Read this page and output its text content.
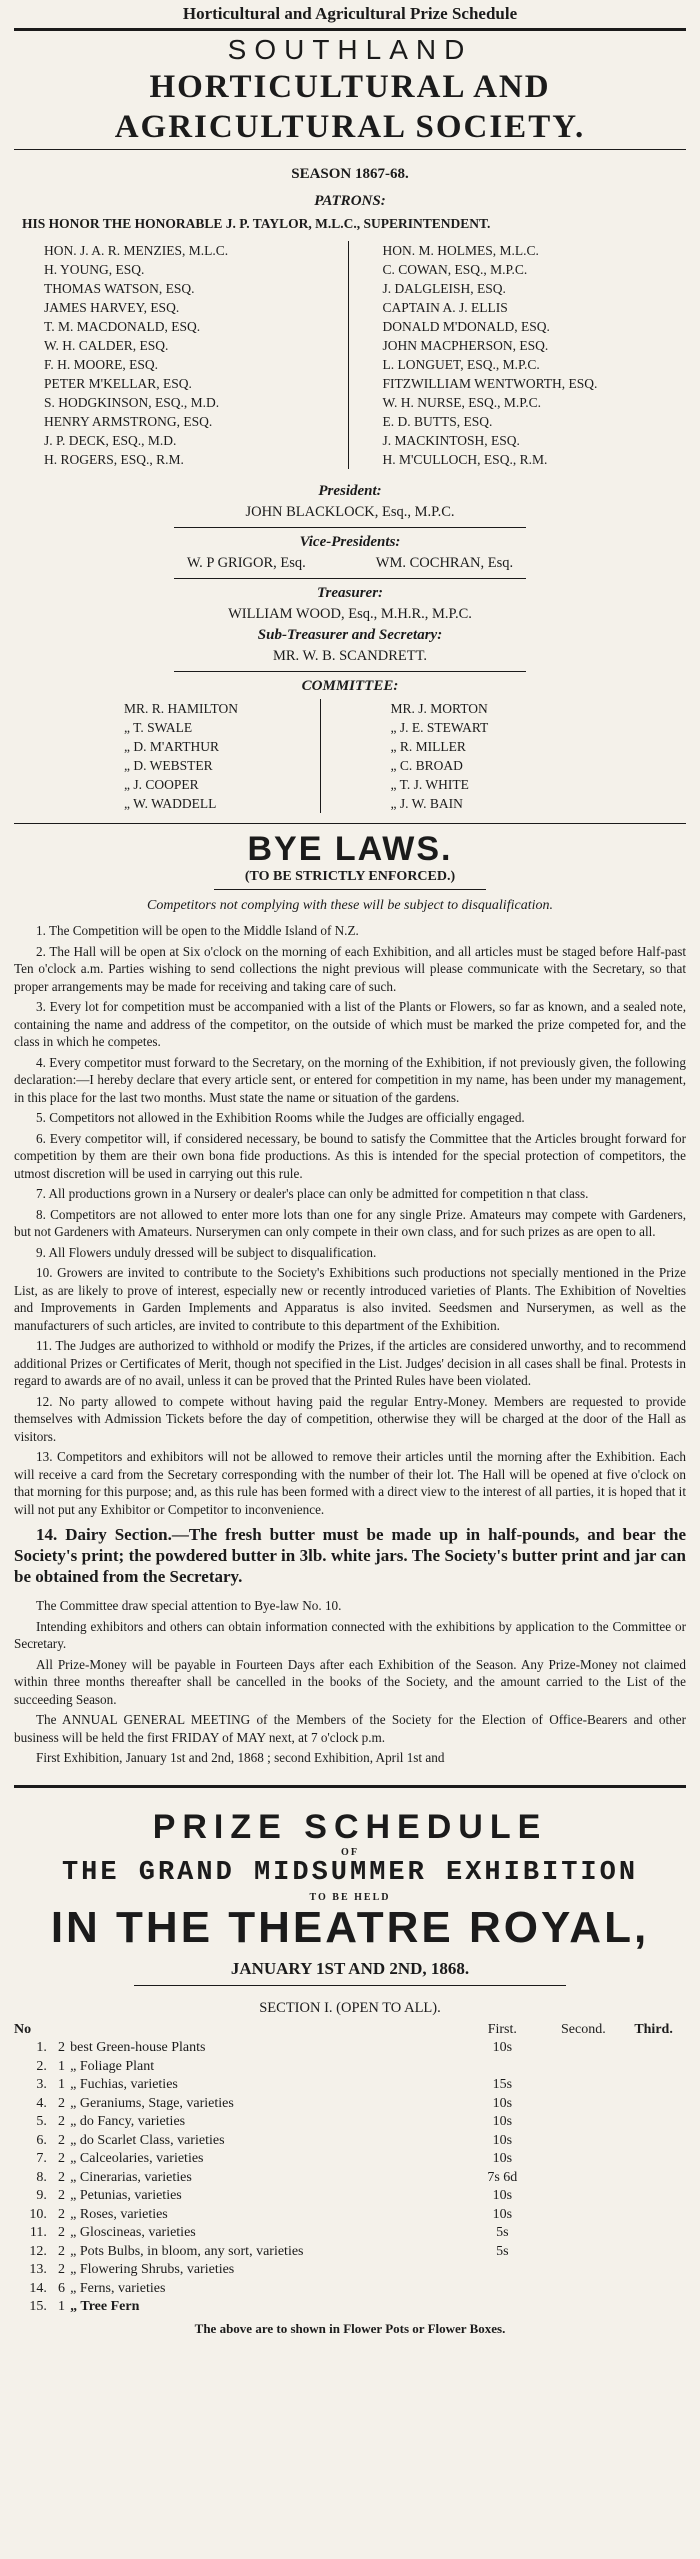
Horticultural and Agricultural Prize Schedule
SOUTHLAND
HORTICULTURAL AND AGRICULTURAL SOCIETY.
SEASON 1867-68.
PATRONS:
HIS HONOR THE HONORABLE J. P. TAYLOR, M.L.C., SUPERINTENDENT.
HON. J. A. R. MENZIES, M.L.C.
H. YOUNG, ESQ.
THOMAS WATSON, ESQ.
JAMES HARVEY, ESQ.
T. M. MACDONALD, ESQ.
W. H. CALDER, ESQ.
F. H. MOORE, ESQ.
PETER M'KELLAR, ESQ.
S. HODGKINSON, ESQ., M.D.
HENRY ARMSTRONG, ESQ.
J. P. DECK, ESQ., M.D.
H. ROGERS, ESQ., R.M.
HON. M. HOLMES, M.L.C.
C. COWAN, ESQ., M.P.C.
J. DALGLEISH, ESQ.
CAPTAIN A. J. ELLIS
DONALD M'DONALD, ESQ.
JOHN MACPHERSON, ESQ.
L. LONGUET, ESQ., M.P.C.
FITZWILLIAM WENTWORTH, ESQ.
W. H. NURSE, ESQ., M.P.C.
E. D. BUTTS, ESQ.
J. MACKINTOSH, ESQ.
H. M'CULLOCH, ESQ., R.M.
President:
JOHN BLACKLOCK, Esq., M.P.C.
Vice-Presidents:
W. P GRIGOR, Esq.	WM. COCHRAN, Esq.
Treasurer:
WILLIAM WOOD, Esq., M.H.R., M.P.C.
Sub-Treasurer and Secretary:
MR. W. B. SCANDRETT.
COMMITTEE:
MR. R. HAMILTON
„ T. SWALE
„ D. M'ARTHUR
„ D. WEBSTER
„ J. COOPER
„ W. WADDELL
MR. J. MORTON
„ J. E. STEWART
„ R. MILLER
„ C. BROAD
„ T. J. WHITE
„ J. W. BAIN
BYE LAWS.
(TO BE STRICTLY ENFORCED.)
Competitors not complying with these will be subject to disqualification.

1. The Competition will be open to the Middle Island of N.Z.

2. The Hall will be open at Six o'clock on the morning of each Exhibition, and all articles must be staged before Half-past Ten o'clock a.m. Parties wishing to send collections the night previous will please communicate with the Secretary, so that proper arrangements may be made for receiving and taking care of such.

3. Every lot for competition must be accompanied with a list of the Plants or Flowers, so far as known, and a sealed note, containing the name and address of the competitor, on the outside of which must be marked the prize competed for, and the class in which he competes.

4. Every competitor must forward to the Secretary, on the morning of the Exhibition, if not previously given, the following declaration:—I hereby declare that every article sent, or entered for competition in my name, has been under my management, in this place for the last two months. Must state the name or situation of the gardens.

5. Competitors not allowed in the Exhibition Rooms while the Judges are officially engaged.

6. Every competitor will, if considered necessary, be bound to satisfy the Committee that the Articles brought forward for competition by them are their own bona fide productions. As this is intended for the special protection of competitors, the utmost discretion will be used in carrying out this rule.

7. All productions grown in a Nursery or dealer's place can only be admitted for competition n that class.

8. Competitors are not allowed to enter more lots than one for any single Prize. Amateurs may compete with Gardeners, but not Gardeners with Amateurs. Nurserymen can only compete in their own class, and for such prizes as are open to all.

9. All Flowers unduly dressed will be subject to disqualification.

10. Growers are invited to contribute to the Society's Exhibitions such productions not specially mentioned in the Prize List, as are likely to prove of interest, especially new or recently introduced varieties of Plants. The Exhibition of Novelties and Improvements in Garden Implements and Apparatus is also invited. Seedsmen and Nurserymen, as well as the manufacturers of such articles, are invited to contribute to this department of the Exhibition.

11. The Judges are authorized to withhold or modify the Prizes, if the articles are considered unworthy, and to recommend additional Prizes or Certificates of Merit, though not specified in the List. Judges' decision in all cases shall be final. Protests in regard to awards are of no avail, unless it can be proved that the Printed Rules have been violated.

12. No party allowed to compete without having paid the regular Entry-Money. Members are requested to provide themselves with Admission Tickets before the day of competition, otherwise they will be charged at the door of the Hall as visitors.

13. Competitors and exhibitors will not be allowed to remove their articles until the morning after the Exhibition. Each will receive a card from the Secretary corresponding with the number of their lot. The Hall will be opened at five o'clock on that morning for this purpose; and, as this rule has been formed with a direct view to the interest of all parties, it is hoped that it will not put any Exhibitor or Competitor to inconvenience.

14. Dairy Section.—The fresh butter must be made up in half-pounds, and bear the Society's print; the powdered butter in 3lb. white jars. The Society's butter print and jar can be obtained from the Secretary.

The Committee draw special attention to Bye-law No. 10.

Intending exhibitors and others can obtain information connected with the exhibitions by application to the Committee or Secretary.

All Prize-Money will be payable in Fourteen Days after each Exhibition of the Season. Any Prize-Money not claimed within three months thereafter shall be cancelled in the books of the Society, and the amount carried to the List of the succeeding Season.

The ANNUAL GENERAL MEETING of the Members of the Society for the Election of Office-Bearers and other business will be held the first FRIDAY of MAY next, at 7 o'clock p.m.

First Exhibition, January 1st and 2nd, 1868 ; second Exhibition, April 1st and

PRIZE SCHEDULE
OF
THE GRAND MIDSUMMER EXHIBITION
TO BE HELD
IN THE THEATRE ROYAL,
JANUARY 1ST AND 2ND, 1868.
SECTION I. (OPEN TO ALL).
No			First.	Second.	Third.
1.	2	best Green-house Plants	10s		
2.	1	„ Foliage Plant			
3.	1	„ Fuchias, varieties	15s		
4.	2	„ Geraniums, Stage, varieties	10s		
5.	2	„ do Fancy, varieties	10s		
6.	2	„ do Scarlet Class, varieties	10s		
7.	2	„ Calceolaries, varieties	10s		
8.	2	„ Cinerarias, varieties	7s 6d		
9.	2	„ Petunias, varieties	10s		
10.	2	„ Roses, varieties	10s		
11.	2	„ Gloscineas, varieties	5s		
12.	2	„ Pots Bulbs, in bloom, any sort, varieties	5s		
13.	2	„ Flowering Shrubs, varieties			
14.	6	„ Ferns, varieties			
15.	1	„ Tree Fern			
The above are to shown in Flower Pots or Flower Boxes.
